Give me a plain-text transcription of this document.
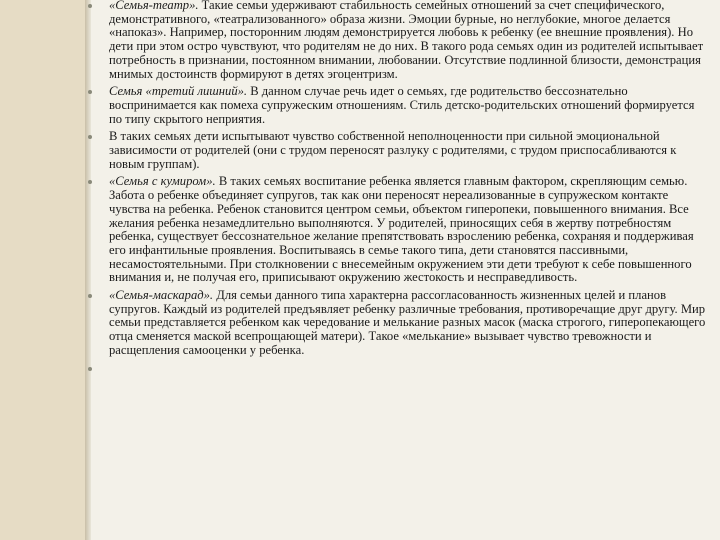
«Семья-театр». Такие семьи удерживают стабильность семейных отношений за счет специфического, демонстративного, «театрализованного» образа жизни. Эмоции бурные, но неглубокие, многое делается «напоказ». Например, посторонним людям демонстрируется любовь к ребенку (ее внешние проявления). Но дети при этом остро чувствуют, что родителям не до них. В такого рода семьях один из родителей испытывает потребность в признании, постоянном внимании, любовании. Отсутствие подлинной близости, демонстрация мнимых достоинств формируют в детях эгоцентризм.
Семья «третий лишний». В данном случае речь идет о семьях, где родительство бессознательно воспринимается как помеха супружеским отношениям. Стиль детско-родительских отношений формируется по типу скрытого неприятия.
В таких семьях дети испытывают чувство собственной неполноценности при сильной эмоциональной зависимости от родителей (они с трудом переносят разлуку с родителями, с трудом приспосабливаются к новым группам).
«Семья с кумиром». В таких семьях воспитание ребенка является главным фактором, скрепляющим семью. Забота о ребенке объединяет супругов, так как они переносят нереализованные в супружеском контакте чувства на ребенка. Ребенок становится центром семьи, объектом гиперопеки, повышенного внимания. Все желания ребенка незамедлительно выполняются. У родителей, приносящих себя в жертву потребностям ребенка, существует бессознательное желание препятствовать взрослению ребенка, сохраняя и поддерживая его инфантильные проявления. Воспитываясь в семье такого типа, дети становятся пассивными, несамостоятельными. При столкновении с внесемейным окружением эти дети требуют к себе повышенного внимания и, не получая его, приписывают окружению жестокость и несправедливость.
«Семья-маскарад». Для семьи данного типа характерна рассогласованность жизненных целей и планов супругов. Каждый из родителей предъявляет ребенку различные требования, противоречащие друг другу. Мир семьи представляется ребенком как чередование и мелькание разных масок (маска строгого, гиперопекающего отца сменяется маской всепрощающей матери). Такое «мелькание» вызывает чувство тревожности и расщепления самооценки у ребенка.
